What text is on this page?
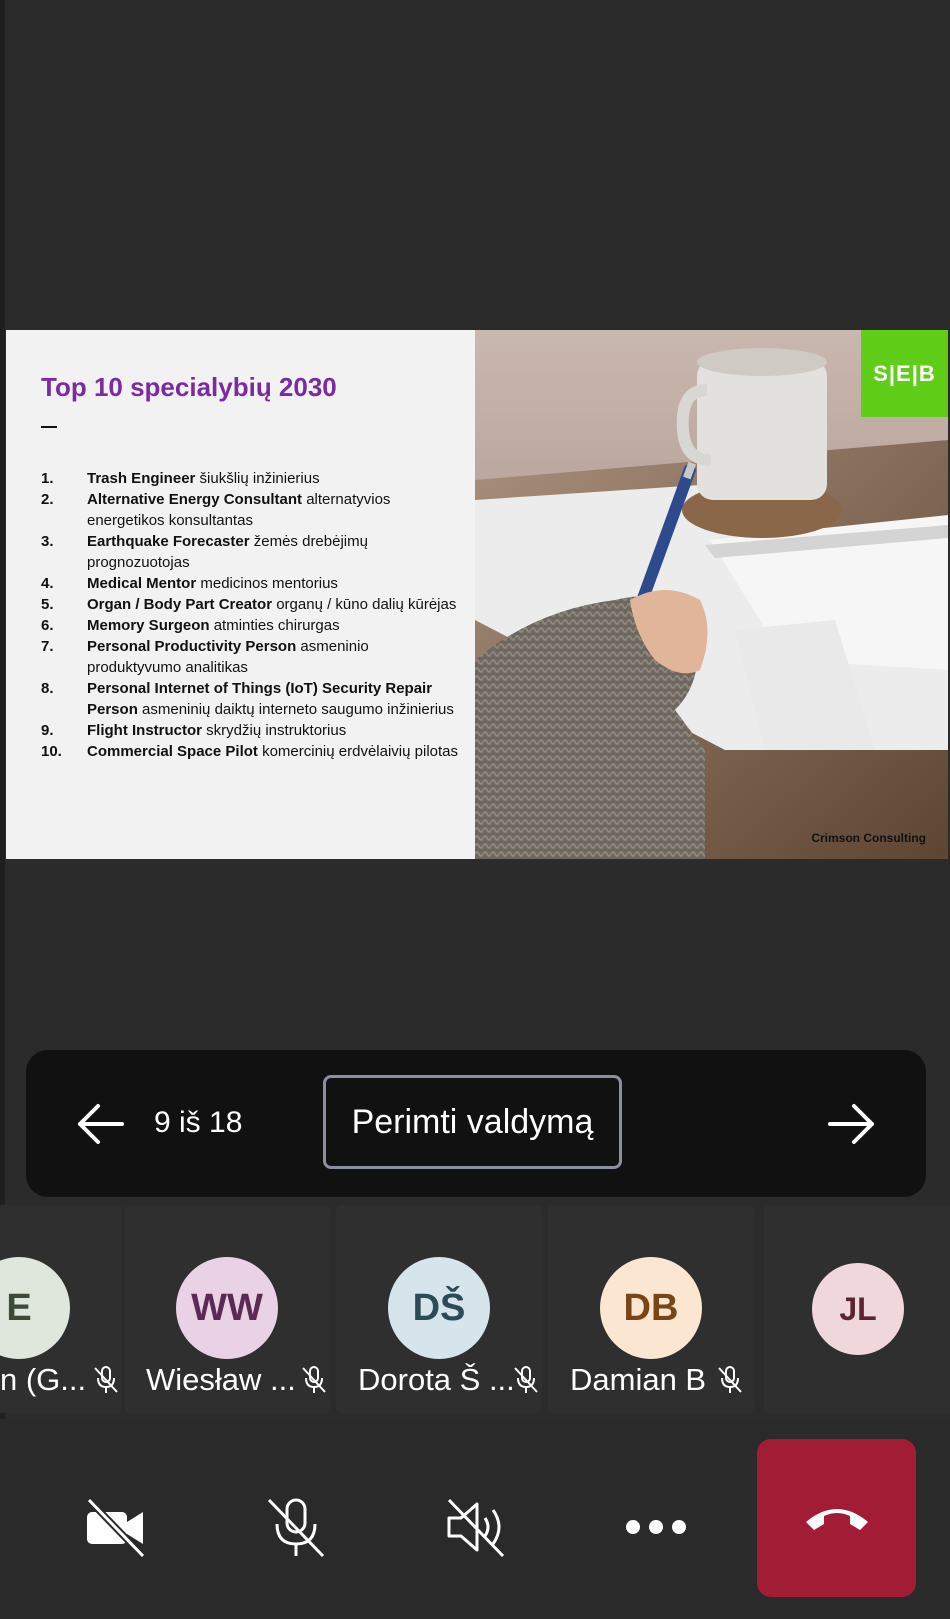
Top 10 specialybių 2030
1. Trash Engineer šiukšlių inžinierius
2. Alternative Energy Consultant alternatyvios energetikos konsultantas
3. Earthquake Forecaster žemės drebėjimų prognozuotojas
4. Medical Mentor medicinos mentorius
5. Organ / Body Part Creator organų / kūno dalių kūrėjas
6. Memory Surgeon atminties chirurgas
7. Personal Productivity Person asmeninio produktyvumo analitikas
8. Personal Internet of Things (IoT) Security Repair Person asmeninių daiktų interneto saugumo inžinierius
9. Flight Instructor skrydžių instruktorius
10. Commercial Space Pilot komercinių erdvėlaivių pilotas
S|E|B
Crimson Consulting
9 iš 18	Perimti valdymą
E
n (G...
WW
Wiesław ...
DŠ
Dorota Š ...
DB
Damian B
JL
